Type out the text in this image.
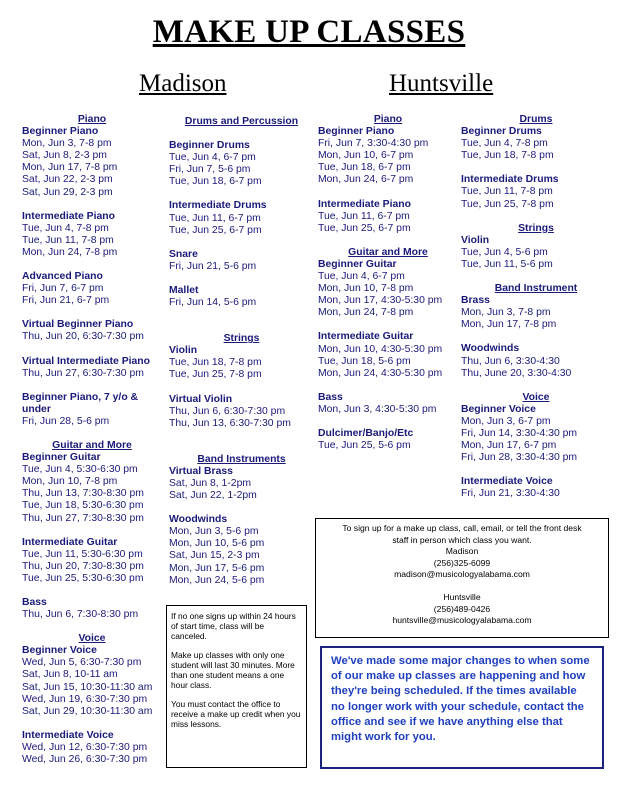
MAKE UP CLASSES
Madison	Huntsville
Piano
Beginner Piano
Mon, Jun 3, 7-8 pm
Sat, Jun 8, 2-3 pm
Mon, Jun 17, 7-8 pm
Sat, Jun 22, 2-3 pm
Sat, Jun 29, 2-3 pm
Intermediate Piano
Tue, Jun 4, 7-8 pm
Tue, Jun 11, 7-8 pm
Mon, Jun 24, 7-8 pm
Advanced Piano
Fri, Jun 7, 6-7 pm
Fri, Jun 21, 6-7 pm
Virtual Beginner Piano
Thu, Jun 20, 6:30-7:30 pm
Virtual Intermediate Piano
Thu, Jun 27, 6:30-7:30 pm
Beginner Piano, 7 y/o &
under
Fri, Jun 28, 5-6 pm
Guitar and More
Beginner Guitar
Tue, Jun 4, 5:30-6:30 pm
Mon, Jun 10, 7-8 pm
Thu, Jun 13, 7:30-8:30 pm
Tue, Jun 18, 5:30-6:30 pm
Thu, Jun 27, 7:30-8:30 pm
Intermediate Guitar
Tue, Jun 11, 5:30-6:30 pm
Thu, Jun 20, 7:30-8:30 pm
Tue, Jun 25, 5:30-6:30 pm
Bass
Thu, Jun 6, 7:30-8:30 pm
Voice
Beginner Voice
Wed, Jun 5, 6:30-7:30 pm
Sat, Jun 8, 10-11 am
Sat, Jun 15, 10:30-11:30 am
Wed, Jun 19, 6:30-7:30 pm
Sat, Jun 29, 10:30-11:30 am
Intermediate Voice
Wed, Jun 12, 6:30-7:30 pm
Wed, Jun 26, 6:30-7:30 pm
Drums and Percussion
Beginner Drums
Tue, Jun 4, 6-7 pm
Fri, Jun 7, 5-6 pm
Tue, Jun 18, 6-7 pm
Intermediate Drums
Tue, Jun 11, 6-7 pm
Tue, Jun 25, 6-7 pm
Snare
Fri, Jun 21, 5-6 pm
Mallet
Fri, Jun 14, 5-6 pm
Strings
Violin
Tue, Jun 18, 7-8 pm
Tue, Jun 25, 7-8 pm
Virtual Violin
Thu, Jun 6, 6:30-7:30 pm
Thu, Jun 13, 6:30-7:30 pm
Band Instruments
Virtual Brass
Sat, Jun 8, 1-2pm
Sat, Jun 22, 1-2pm
Woodwinds
Mon, Jun 3, 5-6 pm
Mon, Jun 10, 5-6 pm
Sat, Jun 15, 2-3 pm
Mon, Jun 17, 5-6 pm
Mon, Jun 24, 5-6 pm
Piano
Beginner Piano
Fri, Jun 7, 3:30-4:30 pm
Mon, Jun 10, 6-7 pm
Tue, Jun 18, 6-7 pm
Mon, Jun 24, 6-7 pm
Intermediate Piano
Tue, Jun 11, 6-7 pm
Tue, Jun 25, 6-7 pm
Guitar and More
Beginner Guitar
Tue, Jun 4, 6-7 pm
Mon, Jun 10, 7-8 pm
Mon, Jun 17, 4:30-5:30 pm
Mon, Jun 24, 7-8 pm
Intermediate Guitar
Mon, Jun 10, 4:30-5:30 pm
Tue, Jun 18, 5-6 pm
Mon, Jun 24, 4:30-5:30 pm
Bass
Mon, Jun 3, 4:30-5:30 pm
Dulcimer/Banjo/Etc
Tue, Jun 25, 5-6 pm
Drums
Beginner Drums
Tue, Jun 4, 7-8 pm
Tue, Jun 18, 7-8 pm
Intermediate Drums
Tue, Jun 11, 7-8 pm
Tue, Jun 25, 7-8 pm
Strings
Violin
Tue, Jun 4, 5-6 pm
Tue, Jun 11, 5-6 pm
Band Instrument
Brass
Mon, Jun 3, 7-8 pm
Mon, Jun 17, 7-8 pm
Woodwinds
Thu, Jun 6, 3:30-4:30
Thu, June 20, 3:30-4:30
Voice
Beginner Voice
Mon, Jun 3, 6-7 pm
Fri, Jun 14, 3:30-4:30 pm
Mon, Jun 17, 6-7 pm
Fri, Jun 28, 3:30-4:30 pm
Intermediate Voice
Fri, Jun 21, 3:30-4:30

If no one signs up within 24 hours of start time, class will be canceled.

Make up classes with only one student will last 30 minutes. More than one student means a one hour class.

You must contact the office to receive a make up credit when you miss lessons.

To sign up for a make up class, call, email, or tell the front desk
staff in person which class you want.
Madison
(256)325-6099
madison@musicologyalabama.com
Huntsville
(256)489-0426
huntsville@musicologyalabama.com
We've made some major changes to when some of our make up classes are happening and how they're being scheduled. If the times available no longer work with your schedule, contact the office and see if we have anything else that might work for you.
